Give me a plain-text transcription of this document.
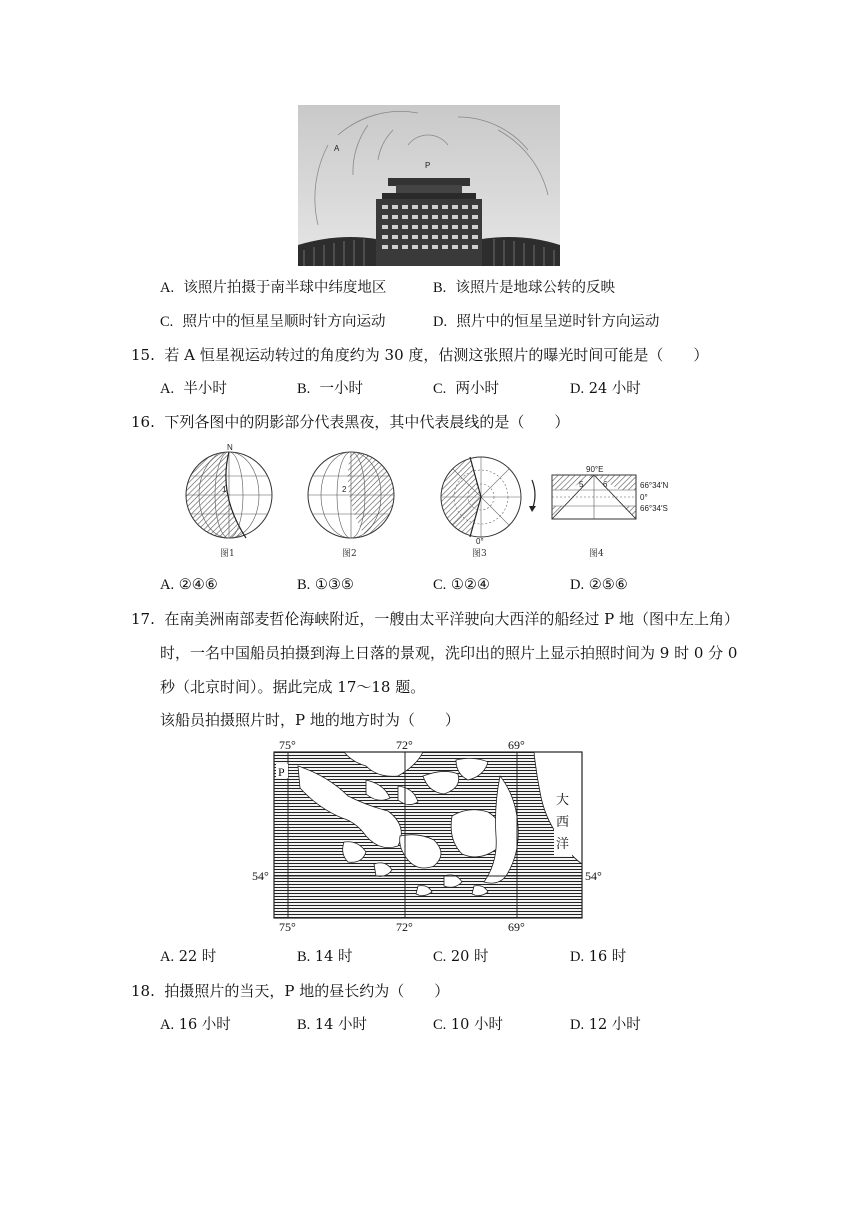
A
P
A. 该照片拍摄于南半球中纬度地区	B. 该照片是地球公转的反映
C. 照片中的恒星呈顺时针方向运动	D. 照片中的恒星呈逆时针方向运动
15. 若 A 恒星视运动转过的角度约为 30 度，估测这张照片的曝光时间可能是（　　）
A. 半小时	B. 一小时	C. 两小时	D. 24 小时
16. 下列各图中的阴影部分代表黑夜，其中代表晨线的是（　　）
N
1
图1
2
图2
0°
图3
90°E
66°34′N
0°
66°34′S
5 6
图4
A. ②④⑥	B. ①③⑤	C. ①②④	D. ②⑤⑥
17. 在南美洲南部麦哲伦海峡附近，一艘由太平洋驶向大西洋的船经过 P 地（图中左上角）
时，一名中国船员拍摄到海上日落的景观，洗印出的照片上显示拍照时间为 9 时 0 分 0
秒（北京时间）。据此完成 17～18 题。
该船员拍摄照片时，P 地的地方时为（　　）
75°	72°	69°
75°	72°	69°
54°	54°
P
大
西
洋
A. 22 时	B. 14 时	C. 20 时	D. 16 时
18. 拍摄照片的当天，P 地的昼长约为（　　）
A. 16 小时	B. 14 小时	C. 10 小时	D. 12 小时
